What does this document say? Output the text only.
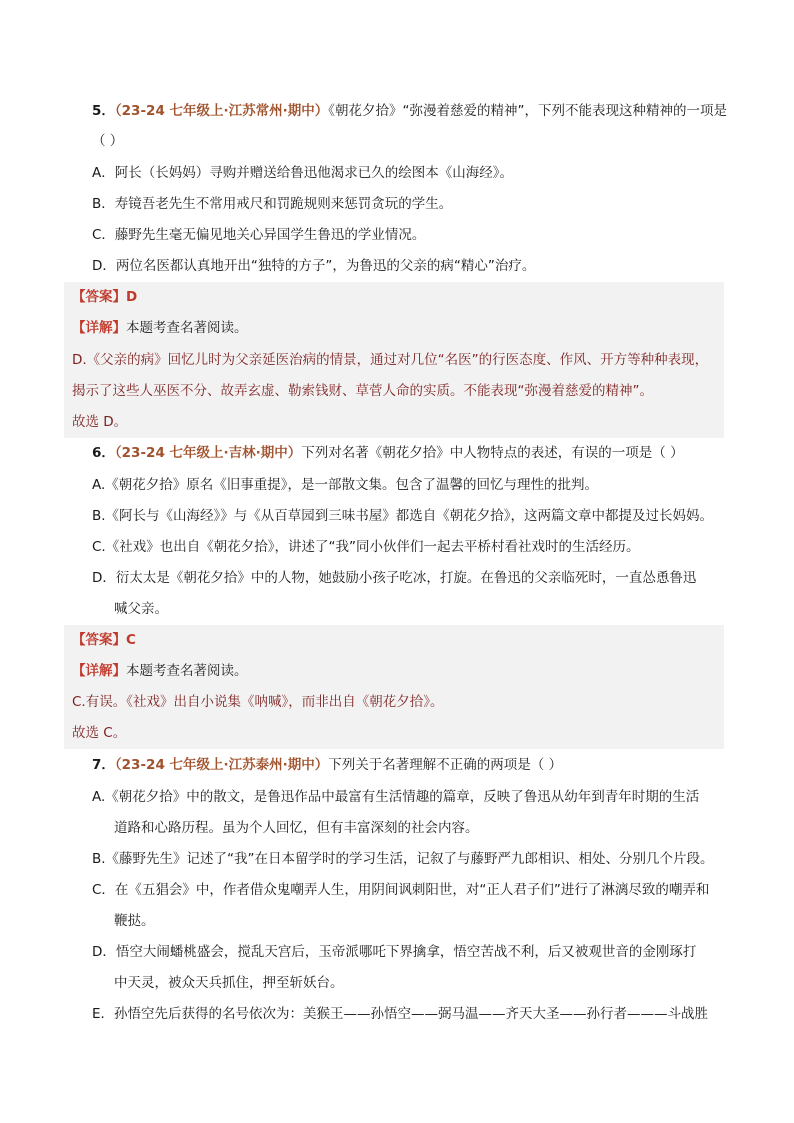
5．（23-24 七年级上·江苏常州·期中）《朝花夕拾》“弥漫着慈爱的精神”，下列不能表现这种精神的一项是

（ ）

A．阿长（长妈妈）寻购并赠送给鲁迅他渴求已久的绘图本《山海经》。

B．寿镜吾老先生不常用戒尺和罚跪规则来惩罚贪玩的学生。

C．藤野先生毫无偏见地关心异国学生鲁迅的学业情况。

D．两位名医都认真地开出“独特的方子”，为鲁迅的父亲的病“精心”治疗。

【答案】D

【详解】本题考查名著阅读。

D.《父亲的病》回忆儿时为父亲延医治病的情景，通过对几位“名医”的行医态度、作风、开方等种种表现，

揭示了这些人巫医不分、故弄玄虚、勒索钱财、草菅人命的实质。不能表现“弥漫着慈爱的精神”。

故选 D。

6．（23-24 七年级上·吉林·期中）下列对名著《朝花夕拾》中人物特点的表述，有误的一项是（ ）

A.《朝花夕拾》原名《旧事重提》，是一部散文集。包含了温馨的回忆与理性的批判。

B.《阿长与《山海经》》与《从百草园到三味书屋》都选自《朝花夕拾》，这两篇文章中都提及过长妈妈。

C.《社戏》也出自《朝花夕拾》，讲述了“我”同小伙伴们一起去平桥村看社戏时的生活经历。

D．衍太太是《朝花夕拾》中的人物，她鼓励小孩子吃冰，打旋。在鲁迅的父亲临死时，一直怂恿鲁迅

喊父亲。

【答案】C

【详解】本题考查名著阅读。

C.有误。《社戏》出自小说集《呐喊》，而非出自《朝花夕拾》。

故选 C。

7．（23-24 七年级上·江苏泰州·期中）下列关于名著理解不正确的两项是（ ）

A.《朝花夕拾》中的散文，是鲁迅作品中最富有生活情趣的篇章，反映了鲁迅从幼年到青年时期的生活

道路和心路历程。虽为个人回忆，但有丰富深刻的社会内容。

B.《藤野先生》记述了“我”在日本留学时的学习生活，记叙了与藤野严九郎相识、相处、分别几个片段。

C．在《五猖会》中，作者借众鬼嘲弄人生，用阴间讽刺阳世，对“正人君子们”进行了淋漓尽致的嘲弄和

鞭挞。

D．悟空大闹蟠桃盛会，搅乱天宫后，玉帝派哪吒下界擒拿，悟空苦战不利，后又被观世音的金刚琢打

中天灵，被众天兵抓住，押至斩妖台。

E．孙悟空先后获得的名号依次为：美猴王——孙悟空——弼马温——齐天大圣——孙行者———斗战胜
